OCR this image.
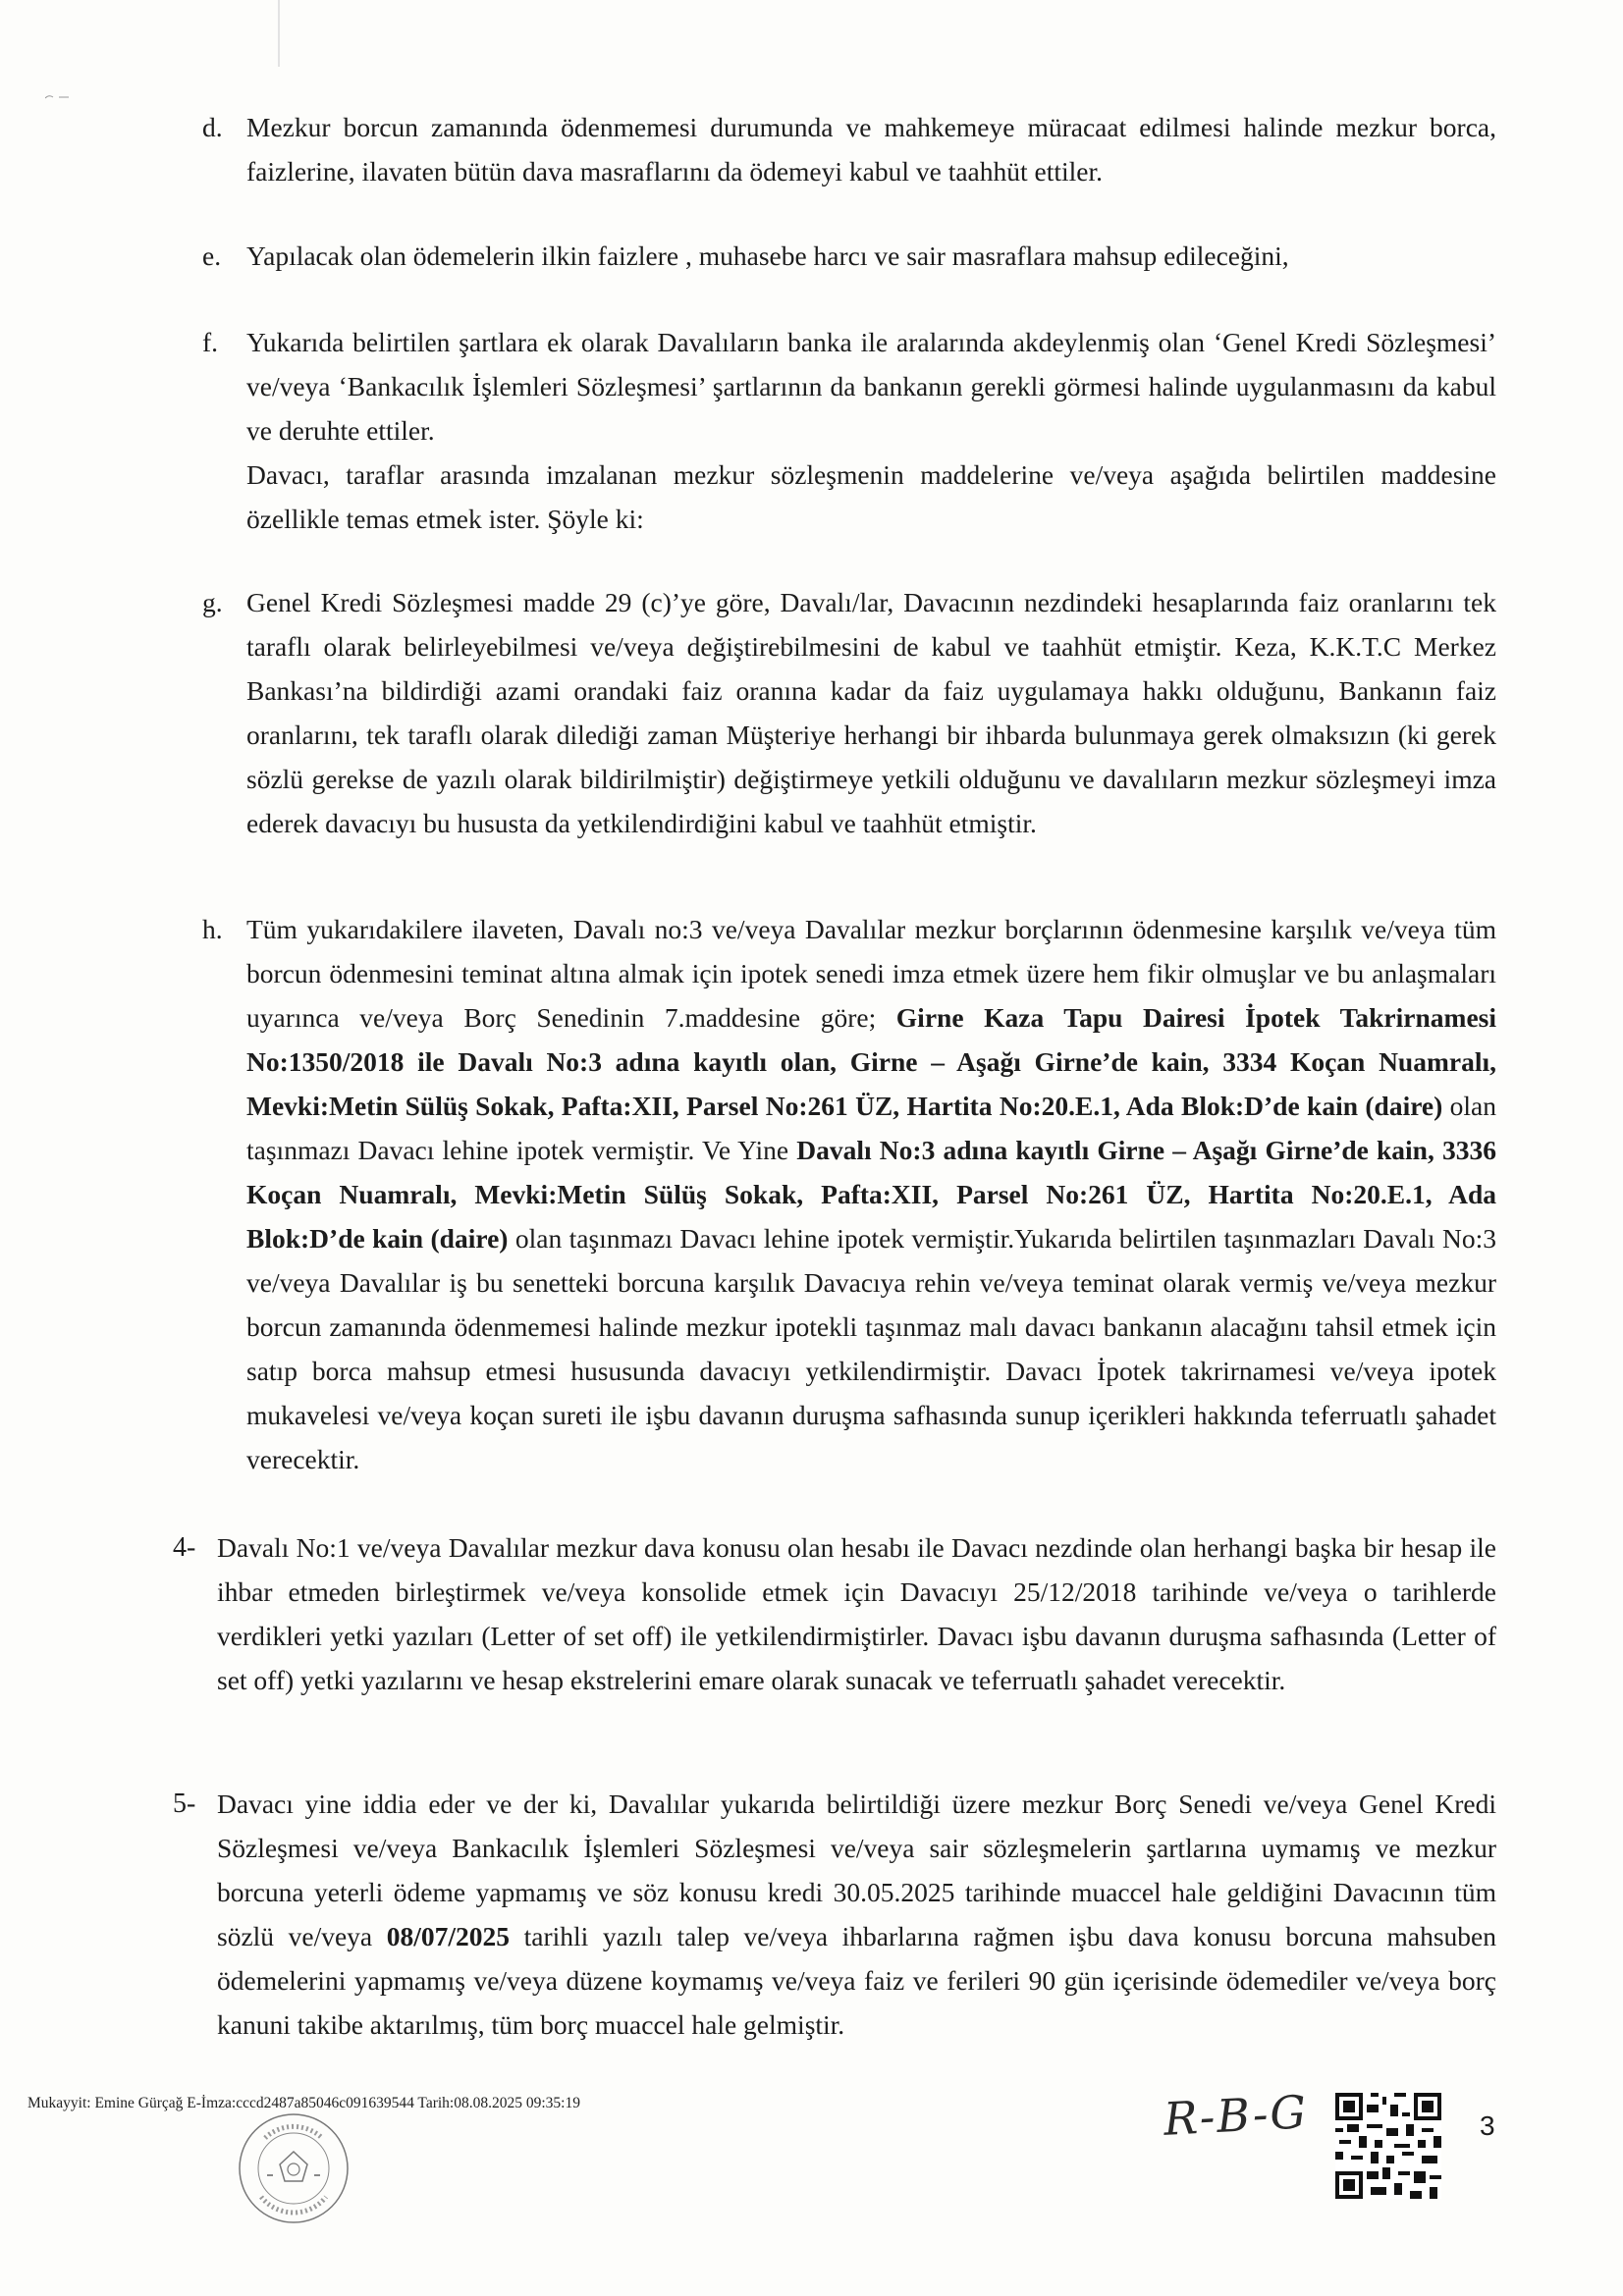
d. Mezkur borcun zamanında ödenmemesi durumunda ve mahkemeye müracaat edilmesi halinde mezkur borca, faizlerine, ilavaten bütün dava masraflarını da ödemeyi kabul ve taahhüt ettiler.
e. Yapılacak olan ödemelerin ilkin faizlere , muhasebe harcı ve sair masraflara mahsup edileceğini,
f. Yukarıda belirtilen şartlara ek olarak Davalıların banka ile aralarında akdeylenmiş olan ‘Genel Kredi Sözleşmesi’ ve/veya ‘Bankacılık İşlemleri Sözleşmesi’ şartlarının da bankanın gerekli görmesi halinde uygulanmasını da kabul ve deruhte ettiler.
Davacı, taraflar arasında imzalanan mezkur sözleşmenin maddelerine ve/veya aşağıda belirtilen maddesine özellikle temas etmek ister. Şöyle ki:
g. Genel Kredi Sözleşmesi madde 29 (c)’ye göre, Davalı/lar, Davacının nezdindeki hesaplarında faiz oranlarını tek taraflı olarak belirleyebilmesi ve/veya değiştirebilmesini de kabul ve taahhüt etmiştir. Keza, K.K.T.C Merkez Bankası’na bildirdiği azami orandaki faiz oranına kadar da faiz uygulamaya hakkı olduğunu, Bankanın faiz oranlarını, tek taraflı olarak dilediği zaman Müşteriye herhangi bir ihbarda bulunmaya gerek olmaksızın (ki gerek sözlü gerekse de yazılı olarak bildirilmiştir) değiştirmeye yetkili olduğunu ve davalıların mezkur sözleşmeyi imza ederek davacıyı bu hususta da yetkilendirdiğini kabul ve taahhüt etmiştir.
h. Tüm yukarıdakilere ilaveten, Davalı no:3 ve/veya Davalılar mezkur borçlarının ödenmesine karşılık ve/veya tüm borcun ödenmesini teminat altına almak için ipotek senedi imza etmek üzere hem fikir olmuşlar ve bu anlaşmaları uyarınca ve/veya Borç Senedinin 7.maddesine göre; Girne Kaza Tapu Dairesi İpotek Takrirnamesi No:1350/2018 ile Davalı No:3 adına kayıtlı olan, Girne – Aşağı Girne’de kain, 3334 Koçan Nuamralı, Mevki:Metin Sülüş Sokak, Pafta:XII, Parsel No:261 ÜZ, Hartita No:20.E.1, Ada Blok:D’de kain (daire) olan taşınmazı Davacı lehine ipotek vermiştir. Ve Yine Davalı No:3 adına kayıtlı Girne – Aşağı Girne’de kain, 3336 Koçan Nuamralı, Mevki:Metin Sülüş Sokak, Pafta:XII, Parsel No:261 ÜZ, Hartita No:20.E.1, Ada Blok:D’de kain (daire) olan taşınmazı Davacı lehine ipotek vermiştir.Yukarıda belirtilen taşınmazları Davalı No:3 ve/veya Davalılar iş bu senetteki borcuna karşılık Davacıya rehin ve/veya teminat olarak vermiş ve/veya mezkur borcun zamanında ödenmemesi halinde mezkur ipotekli taşınmaz malı davacı bankanın alacağını tahsil etmek için satıp borca mahsup etmesi hususunda davacıyı yetkilendirmiştir. Davacı İpotek takrirnamesi ve/veya ipotek mukavelesi ve/veya koçan sureti ile işbu davanın duruşma safhasında sunup içerikleri hakkında teferruatlı şahadet verecektir.
4- Davalı No:1 ve/veya Davalılar mezkur dava konusu olan hesabı ile Davacı nezdinde olan herhangi başka bir hesap ile ihbar etmeden birleştirmek ve/veya konsolide etmek için Davacıyı 25/12/2018 tarihinde ve/veya o tarihlerde verdikleri yetki yazıları (Letter of set off) ile yetkilendirmiştirler. Davacı işbu davanın duruşma safhasında (Letter of set off) yetki yazılarını ve hesap ekstrelerini emare olarak sunacak ve teferruatlı şahadet verecektir.
5- Davacı yine iddia eder ve der ki, Davalılar yukarıda belirtildiği üzere mezkur Borç Senedi ve/veya Genel Kredi Sözleşmesi ve/veya Bankacılık İşlemleri Sözleşmesi ve/veya sair sözleşmelerin şartlarına uymamış ve mezkur borcuna yeterli ödeme yapmamış ve söz konusu kredi 30.05.2025 tarihinde muaccel hale geldiğini Davacının tüm sözlü ve/veya 08/07/2025 tarihli yazılı talep ve/veya ihbarlarına rağmen işbu dava konusu borcuna mahsuben ödemelerini yapmamış ve/veya düzene koymamış ve/veya faiz ve ferileri 90 gün içerisinde ödemediler ve/veya borç kanuni takibe aktarılmış, tüm borç muaccel hale gelmiştir.
Mukayyit: Emine Gürçağ E-İmza:cccd2487a85046c091639544 Tarih:08.08.2025 09:35:19	R-B-G	3
